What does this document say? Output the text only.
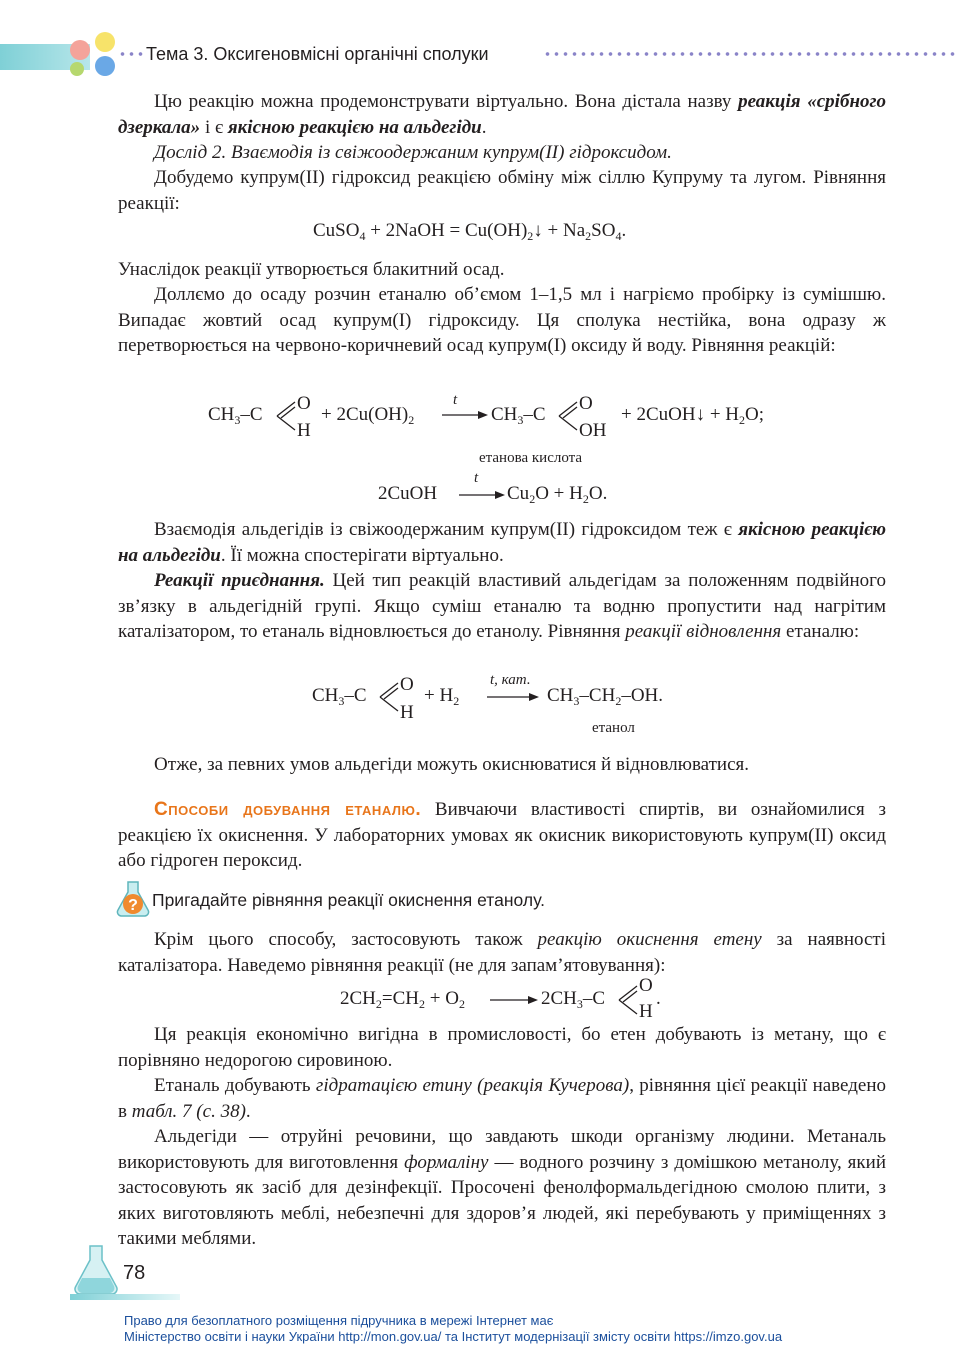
Тема 3. Оксигеновмісні органічні сполуки
Цю реакцію можна продемонструвати віртуально. Вона дістала назву реакція «срібного дзеркала» і є якісною реакцією на альдегіди.
Дослід 2. Взаємодія із свіжоодержаним купрум(ІІ) гідроксидом.
Добудемо купрум(ІІ) гідроксид реакцією обміну між сіллю Купруму та лугом. Рівняння реакції:
CuSO$_4$ + 2NaOH = $Cu(OH)_2↓ + Na_2SO_4$.
Унаслідок реакції утворюється блакитний осад.
Доллємо до осаду розчин етаналю об’ємом 1–1,5 мл і нагріємо пробірку із сумішшю. Випадає жовтий осад купрум(І) гідроксиду. Ця сполука нестійка, вона одразу ж перетворюється на червоно-коричневий осад купрум(І) оксиду й воду. Рівняння реакцій:
$CH_3-C$
O
H
+ $2Cu(OH)_2$
t
→ $CH_3-C$
O
OH
+ 2CuOH↓ + $H_2O$;
етанова кислота
2CuOH
t
→ $Cu_2O + H_2O$.
Взаємодія альдегідів із свіжоодержаним купрум(ІІ) гідроксидом теж є якісною реакцією на альдегіди. Її можна спостерігати віртуально.
Реакції приєднання. Цей тип реакцій властивий альдегідам за положенням подвійного зв’язку в альдегідній групі. Якщо суміш етаналю та водню пропустити над нагрітим каталізатором, то етаналь відновлюється до етанолу. Рівняння реакції відновлення етаналю:
$CH_3-C$
O
H
+ $H_2$
t, кат.
→ $CH_3-CH_2-OH$.
етанол
Отже, за певних умов альдегіди можуть окиснюватися й відновлюватися.
Способи добування етаналю. Вивчаючи властивості спиртів, ви ознайомилися з реакцією їх окиснення. У лабораторних умовах як окисник використовують купрум(ІІ) оксид або гідроген пероксид.
? Пригадайте рівняння реакції окиснення етанолу.
Крім цього способу, застосовують також реакцію окиснення етену за наявності каталізатора. Наведемо рівняння реакції (не для запам’ятовування):
$2CH_2=CH_2 + O_2 \to 2CH_3-C$
O
H
.
Ця реакція економічно вигідна в промисловості, бо етен добувають із метану, що є порівняно недорогою сировиною.
Етаналь добувають гідратацією етину (реакція Кучерова), рівняння цієї реакції наведено в табл. 7 (с. 38).
Альдегіди — отруйні речовини, що завдають шкоди організму людини. Метаналь використовують для виготовлення формаліну — водного розчину з домішкою метанолу, який застосовують як засіб для дезінфекції. Просочені фенолформальдегідною смолою плити, з яких виготовляють меблі, небезпечні для здоров’я людей, які перебувають у приміщеннях з такими меблями.
78
Право для безоплатного розміщення підручника в мережі Інтернет має
Міністерство освіти і науки України http://mon.gov.ua/ та Інститут модернізації змісту освіти https://imzo.gov.ua
